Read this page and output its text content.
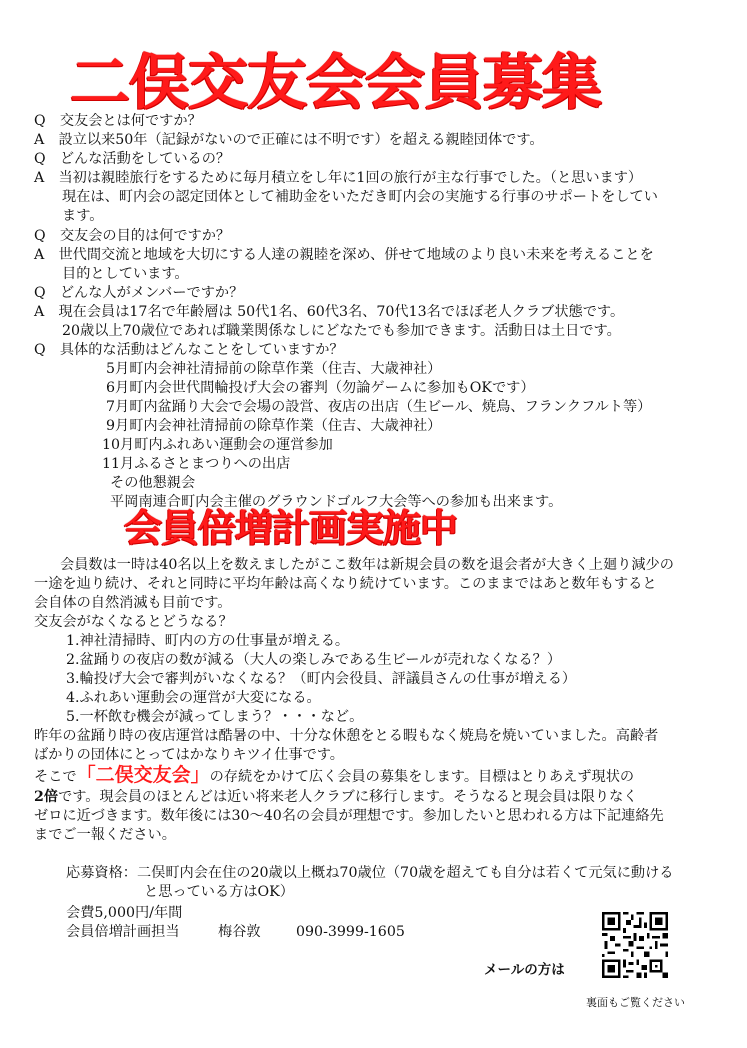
二俣交友会会員募集
Q　 交友会とは何ですか？
A　 設立以来50年（記録がないので正確には不明です）を超える親睦団体です。
Q　 どんな活動をしているの？
A　 当初は親睦旅行をするために毎月積立をし年に1回の旅行が主な行事でした。（と思います）
現在は、町内会の認定団体として補助金をいただき町内会の実施する行事のサポートをしてい
ます。
Q　 交友会の目的は何ですか？
A　 世代間交流と地域を大切にする人達の親睦を深め、併せて地域のより良い未来を考えることを
目的としています。
Q　 どんな人がメンバーですか？
A　 現在会員は17名で年齢層は 50代1名、60代3名、70代13名でほぼ老人クラブ状態です。
20歳以上70歳位であれば職業関係なしにどなたでも参加できます。活動日は土日です。
Q　 具体的な活動はどんなことをしていますか？
5月町内会神社清掃前の除草作業（住吉、大歳神社）
6月町内会世代間輪投げ大会の審判（勿論ゲームに参加もOKです）
7月町内盆踊り大会で会場の設営、夜店の出店（生ビール、焼鳥、フランクフルト等）
9月町内会神社清掃前の除草作業（住吉、大歳神社）
10月町内ふれあい運動会の運営参加
11月ふるさとまつりへの出店
その他懇親会
平岡南連合町内会主催のグラウンドゴルフ大会等への参加も出来ます。
会員倍増計画実施中
会員数は一時は40名以上を数えましたがここ数年は新規会員の数を退会者が大きく上廻り減少の
一途を辿り続け、それと同時に平均年齢は高くなり続けています。このままではあと数年もすると
会自体の自然消滅も目前です。
交友会がなくなるとどうなる？
1.神社清掃時、町内の方の仕事量が増える。
2.盆踊りの夜店の数が減る（大人の楽しみである生ビールが売れなくなる？）
3.輪投げ大会で審判がいなくなる？（町内会役員、評議員さんの仕事が増える）
4.ふれあい運動会の運営が大変になる。
5.一杯飲む機会が減ってしまう？・・・など。
昨年の盆踊り時の夜店運営は酷暑の中、十分な休憩をとる暇もなく焼鳥を焼いていました。高齢者
ばかりの団体にとってはかなりキツイ仕事です。
そこで「二俣交友会」の存続をかけて広く会員の募集をします。目標はとりあえず現状の
2倍です。現会員のほとんどは近い将来老人クラブに移行します。そうなると現会員は限りなく
ゼロに近づきます。数年後には30～40名の会員が理想です。参加したいと思われる方は下記連絡先
までご一報ください。
応募資格：二俣町内会在住の20歳以上概ね70歳位（70歳を超えても自分は若くて元気に動ける
と思っている方はOK）
会費5,000円/年間
会員倍増計画担当	梅谷敦 090-3999-1605
メールの方は
裏面もご覧ください
